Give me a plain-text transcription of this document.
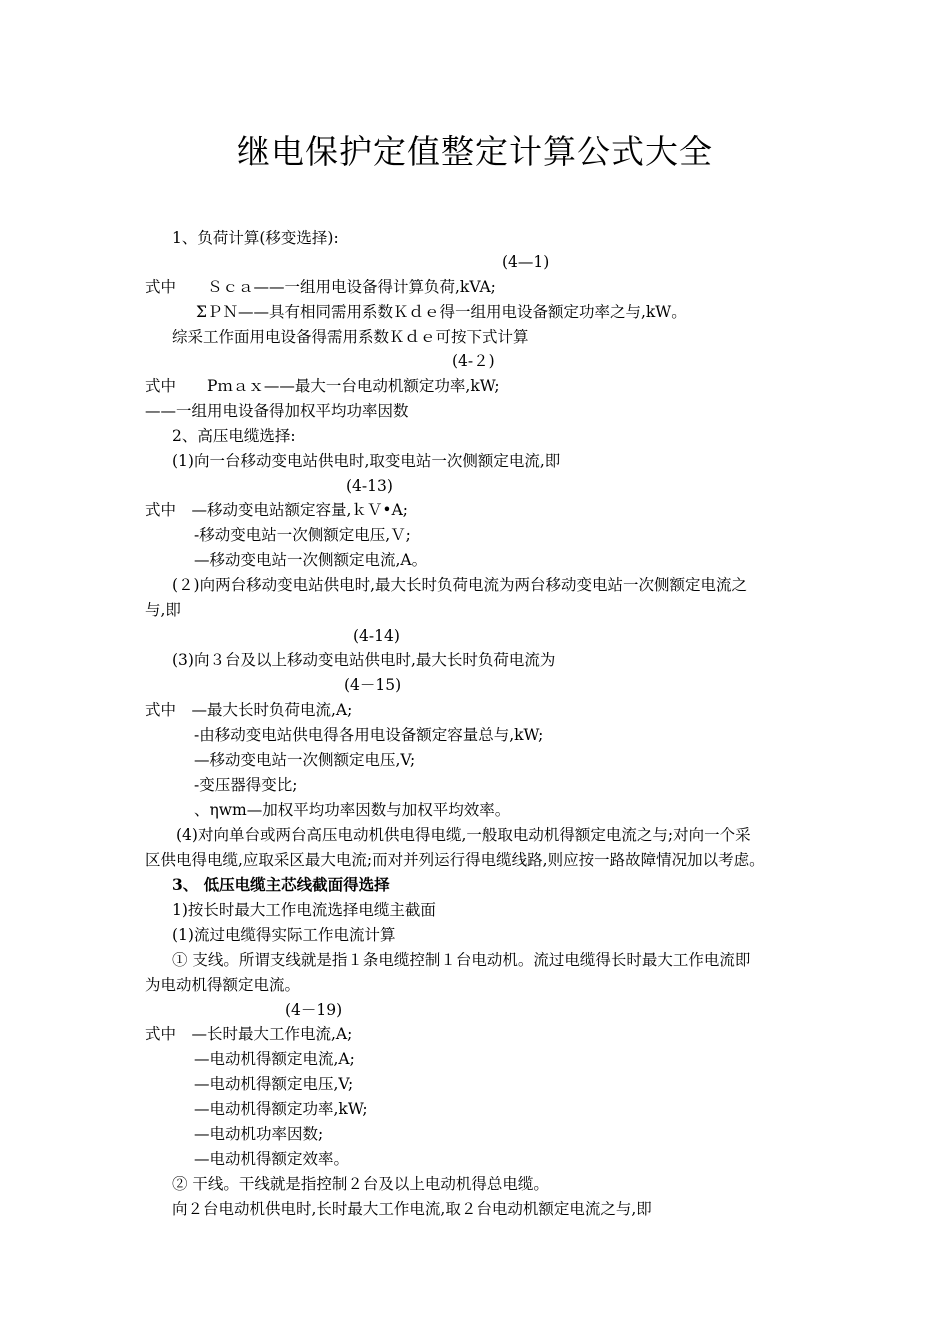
继电保护定值整定计算公式大全
1、负荷计算(移变选择):
(4—1)
式中　　Ｓｃａ——一组用电设备得计算负荷,kVA;
ΣＰＮ——具有相同需用系数Ｋｄｅ得一组用电设备额定功率之与,kW。
综采工作面用电设备得需用系数Ｋｄｅ可按下式计算
(4-２)
式中　　Pｍａｘ——最大一台电动机额定功率,kW;
——一组用电设备得加权平均功率因数
2、高压电缆选择:
(1)向一台移动变电站供电时,取变电站一次侧额定电流,即
(4-13)
式中　—移动变电站额定容量,ｋＶ•A;
-移动变电站一次侧额定电压,Ｖ;
—移动变电站一次侧额定电流,A。
(２)向两台移动变电站供电时,最大长时负荷电流为两台移动变电站一次侧额定电流之
与,即
(4-14)
(3)向３台及以上移动变电站供电时,最大长时负荷电流为
(4－15)
式中　—最大长时负荷电流,A;
-由移动变电站供电得各用电设备额定容量总与,kW;
—移动变电站一次侧额定电压,V;
-变压器得变比;
、ηwm—加权平均功率因数与加权平均效率。
(4)对向单台或两台高压电动机供电得电缆,一般取电动机得额定电流之与;对向一个采
区供电得电缆,应取采区最大电流;而对并列运行得电缆线路,则应按一路故障情况加以考虑。
3、 低压电缆主芯线截面得选择
1)按长时最大工作电流选择电缆主截面
(1)流过电缆得实际工作电流计算
① 支线。所谓支线就是指１条电缆控制１台电动机。流过电缆得长时最大工作电流即
为电动机得额定电流。
(4－19)
式中　—长时最大工作电流,A;
—电动机得额定电流,A;
—电动机得额定电压,V;
—电动机得额定功率,kW;
—电动机功率因数;
—电动机得额定效率。
② 干线。干线就是指控制２台及以上电动机得总电缆。
向２台电动机供电时,长时最大工作电流,取２台电动机额定电流之与,即
